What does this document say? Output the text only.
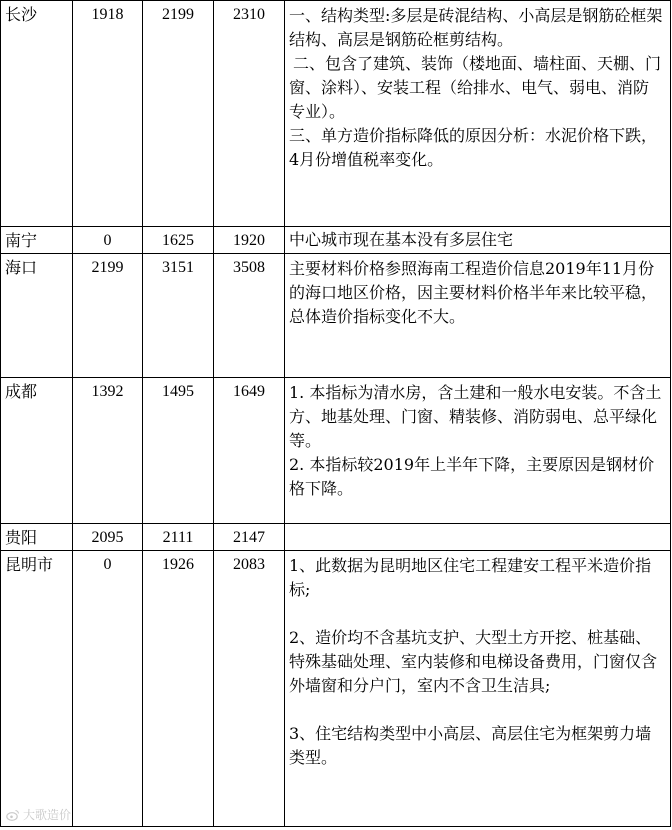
长沙	1918	2199	2310	一、结构类型:多层是砖混结构、小高层是钢筋砼框架结构、高层是钢筋砼框剪结构。

二、包含了建筑、装饰（楼地面、墙柱面、天棚、门窗、涂料）、安装工程（给排水、电气、弱电、消防专业）。

三、单方造价指标降低的原因分析：水泥价格下跌，4月份增值税率变化。

南宁	0	1625	1920	中心城市现在基本没有多层住宅

海口	2199	3151	3508	主要材料价格参照海南工程造价信息2019年11月份的海口地区价格，因主要材料价格半年来比较平稳，总体造价指标变化不大。

成都	1392	1495	1649	1. 本指标为清水房，含土建和一般水电安装。不含土方、地基处理、门窗、精装修、消防弱电、总平绿化等。

2. 本指标较2019年上半年下降，主要原因是钢材价格下降。

贵阳	2095	2111	2147	
昆明市	0	1926	2083	1、此数据为昆明地区住宅工程建安工程平米造价指标;

2、造价均不含基坑支护、大型土方开挖、桩基础、特殊基础处理、室内装修和电梯设备费用，门窗仅含外墙窗和分户门，室内不含卫生洁具;

3、住宅结构类型中小高层、高层住宅为框架剪力墙类型。

大歌造价
